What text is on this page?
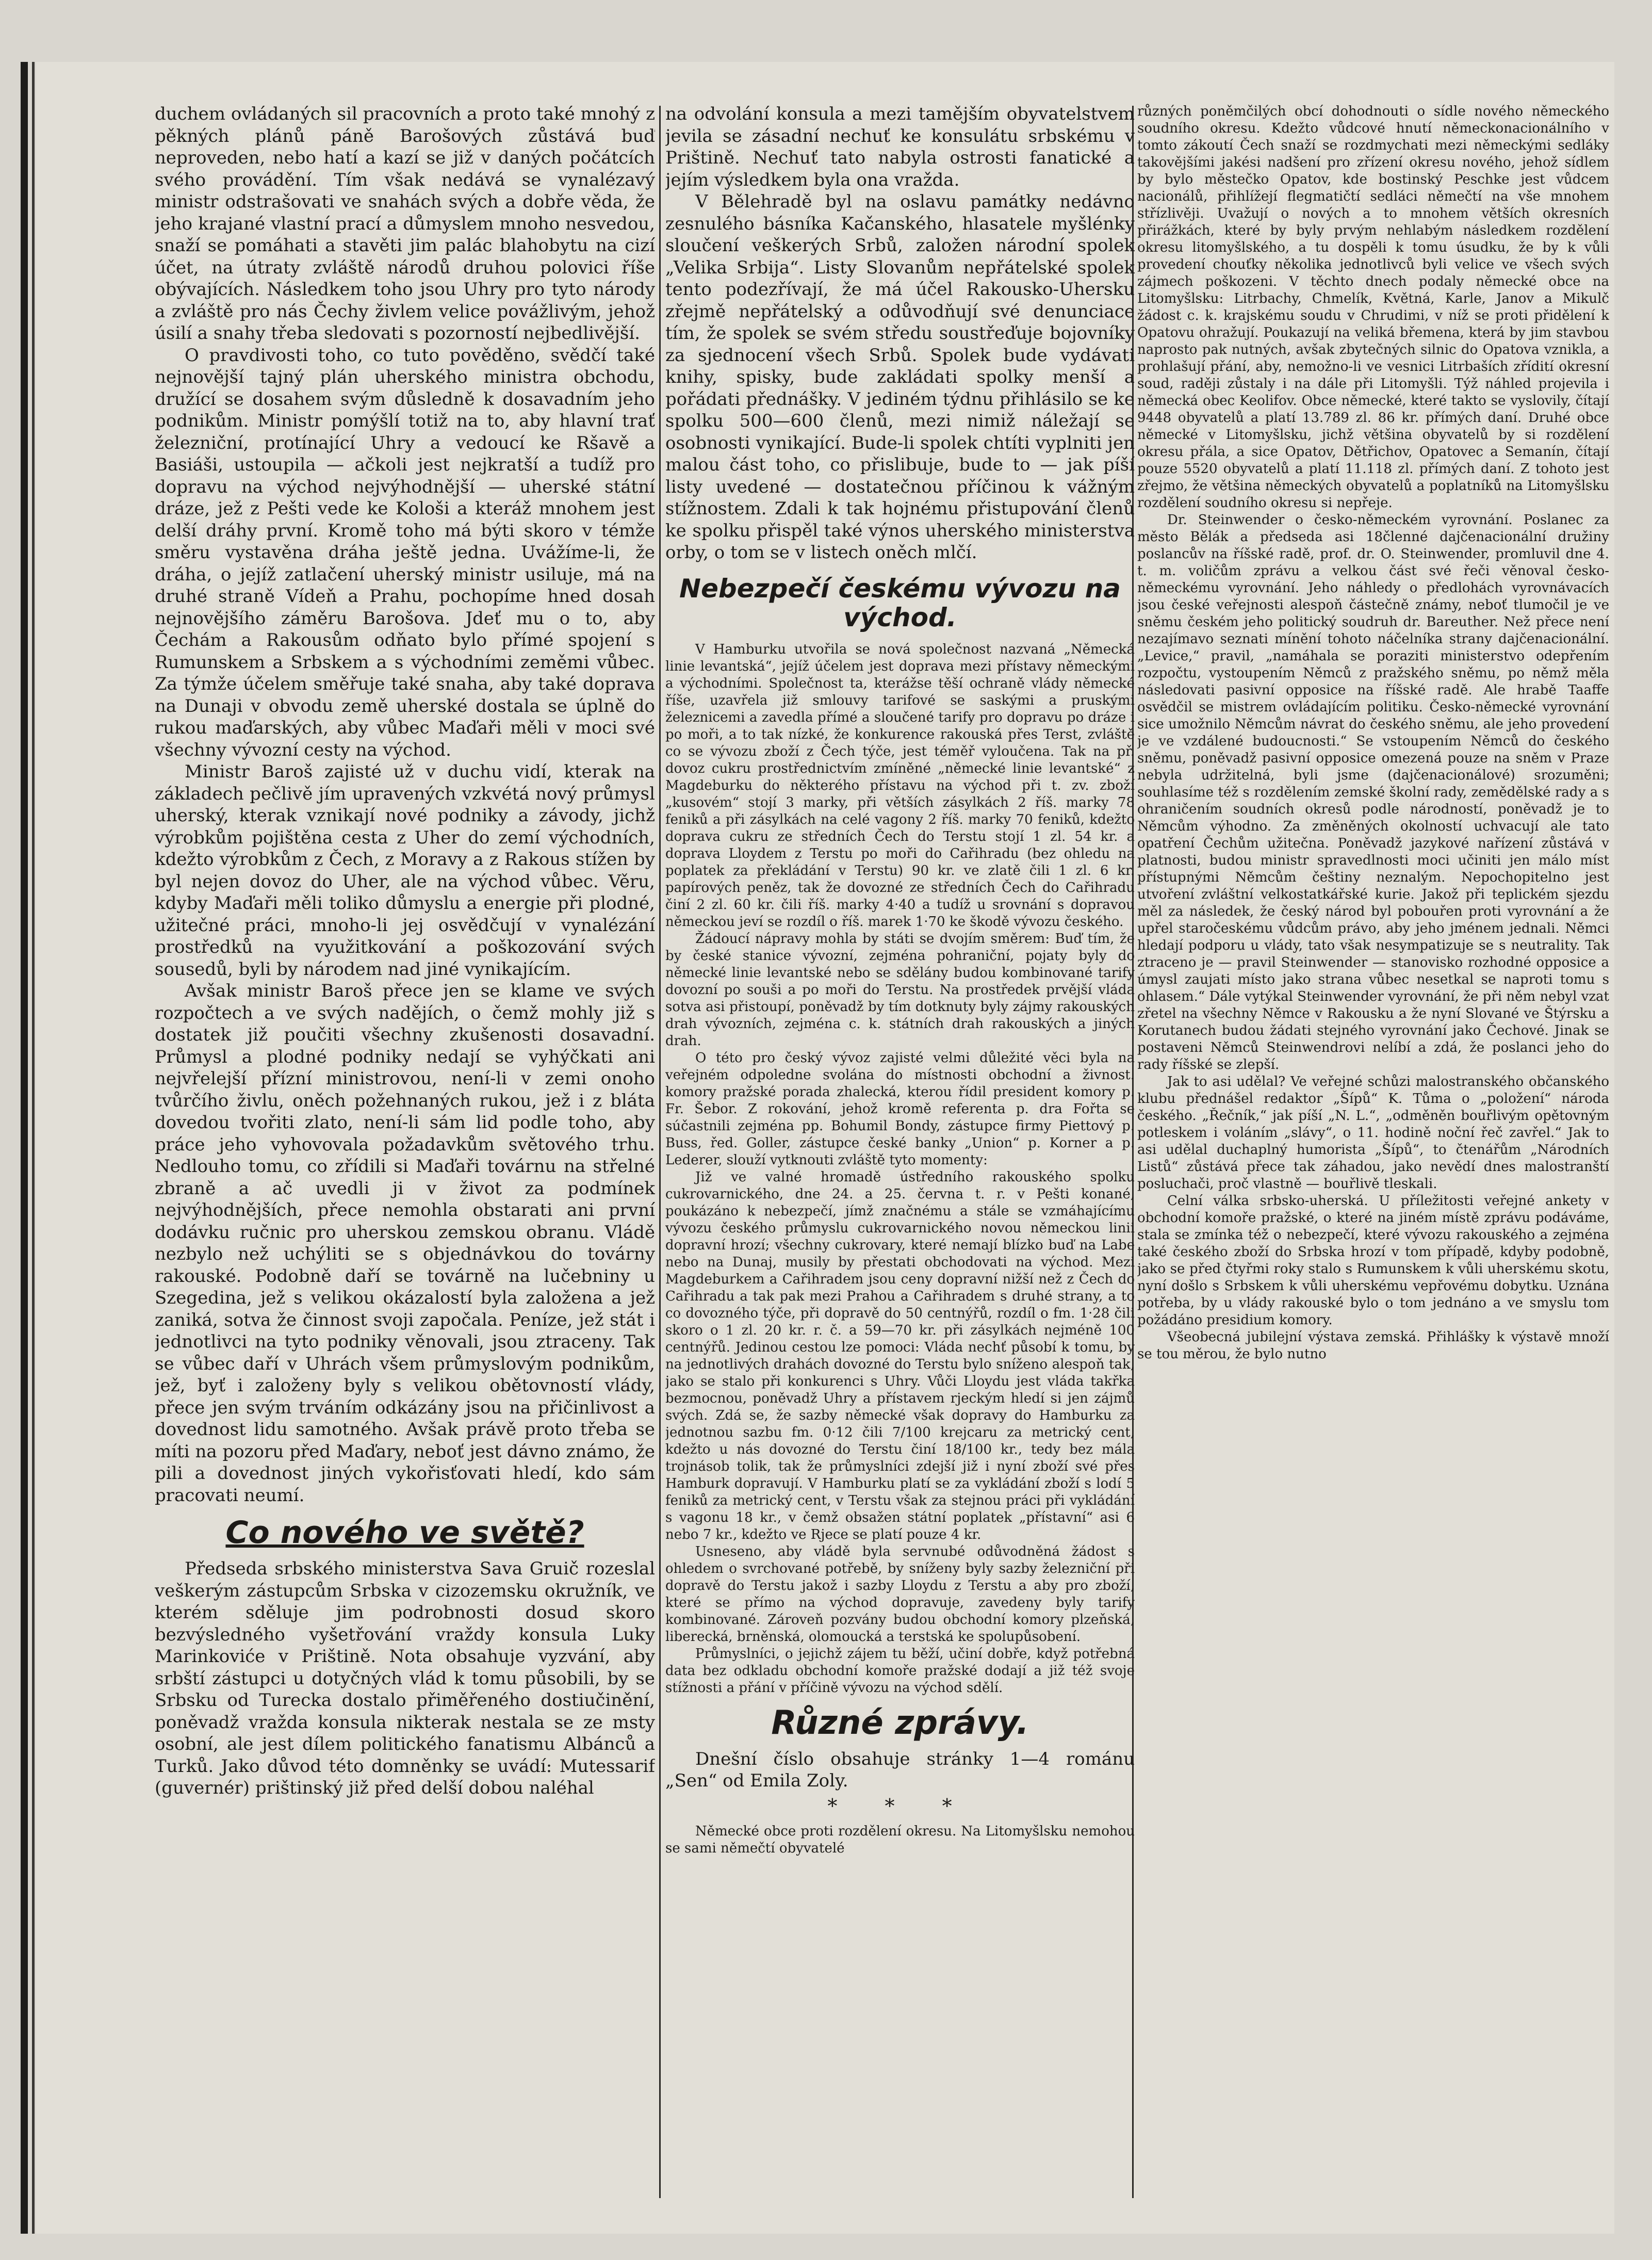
duchem ovládaných sil pracovních a proto také mnohý z pěkných plánů páně Barošových zůstává buď neproveden, nebo hatí a kazí se již v daných počátcích svého provádění. Tím však nedává se vynalézavý ministr odstrašovati ve snahách svých a dobře věda, že jeho krajané vlastní prací a důmyslem mnoho nesvedou, snaží se pomáhati a stavěti jim palác blahobytu na cizí účet, na útraty zvláště národů druhou polovici říše obývajících. Následkem toho jsou Uhry pro tyto národy a zvláště pro nás Čechy živlem velice povážlivým, jehož úsilí a snahy třeba sledovati s pozorností nejbedlivější.

O pravdivosti toho, co tuto pověděno, svědčí také nejnovější tajný plán uherského ministra obchodu, družící se dosahem svým důsledně k dosavadním jeho podnikům. Ministr pomýšlí totiž na to, aby hlavní trať železniční, protínající Uhry a vedoucí ke Ršavě a Basiáši, ustoupila — ačkoli jest nejkratší a tudíž pro dopravu na východ nejvýhodnější — uherské státní dráze, jež z Pešti vede ke Kološi a kteráž mnohem jest delší dráhy první. Kromě toho má býti skoro v témže směru vystavěna dráha ještě jedna. Uvážíme-li, že dráha, o jejíž zatlačení uherský ministr usiluje, má na druhé straně Vídeň a Prahu, pochopíme hned dosah nejnovějšího záměru Barošova. Jdeť mu o to, aby Čechám a Rakousům odňato bylo přímé spojení s Rumunskem a Srbskem a s východními zeměmi vůbec. Za týmže účelem směřuje také snaha, aby také doprava na Dunaji v obvodu země uherské dostala se úplně do rukou maďarských, aby vůbec Maďaři měli v moci své všechny vývozní cesty na východ.

Ministr Baroš zajisté už v duchu vidí, kterak na základech pečlivě jím upravených vzkvétá nový průmysl uherský, kterak vznikají nové podniky a závody, jichž výrobkům pojištěna cesta z Uher do zemí východních, kdežto výrobkům z Čech, z Moravy a z Rakous stížen by byl nejen dovoz do Uher, ale na východ vůbec. Věru, kdyby Maďaři měli toliko důmyslu a energie při plodné, užitečné práci, mnoho-li jej osvědčují v vynalézání prostředků na využitkování a poškozování svých sousedů, byli by národem nad jiné vynikajícím.

Avšak ministr Baroš přece jen se klame ve svých rozpočtech a ve svých nadějích, o čemž mohly již s dostatek již poučiti všechny zkušenosti dosavadní. Průmysl a plodné podniky nedají se vyhýčkati ani nejvřelejší přízní ministrovou, není-li v zemi onoho tvůrčího živlu, oněch požehnaných rukou, jež i z bláta dovedou tvořiti zlato, není-li sám lid podle toho, aby práce jeho vyhovovala požadavkům světového trhu. Nedlouho tomu, co zřídili si Maďaři továrnu na střelné zbraně a ač uvedli ji v život za podmínek nejvýhodnějších, přece nemohla obstarati ani první dodávku ručnic pro uherskou zemskou obranu. Vládě nezbylo než uchýliti se s objednávkou do továrny rakouské. Podobně daří se továrně na lučebniny u Szegedina, jež s velikou okázalostí byla založena a jež zaniká, sotva že činnost svoji započala. Peníze, jež stát i jednotlivci na tyto podniky věnovali, jsou ztraceny. Tak se vůbec daří v Uhrách všem průmyslovým podnikům, jež, byť i založeny byly s velikou obětovností vlády, přece jen svým trváním odkázány jsou na přičinlivost a dovednost lidu samotného. Avšak právě proto třeba se míti na pozoru před Maďary, neboť jest dávno známo, že pili a dovednost jiných vykořisťovati hledí, kdo sám pracovati neumí.

Co nového ve světě?

Předseda srbského ministerstva Sava Gruič rozeslal veškerým zástupcům Srbska v cizozemsku okružník, ve kterém sděluje jim podrobnosti dosud skoro bezvýsledného vyšetřování vraždy konsula Luky Marinkoviće v Prištině. Nota obsahuje vyzvání, aby srbští zástupci u dotyčných vlád k tomu působili, by se Srbsku od Turecka dostalo přiměřeného dostiučinění, poněvadž vražda konsula nikterak nestala se ze msty osobní, ale jest dílem politického fanatismu Albánců a Turků. Jako důvod této domněnky se uvádí: Mutessarif (guvernér) prištinský již před delší dobou naléhal

na odvolání konsula a mezi tamějším obyvatelstvem jevila se zásadní nechuť ke konsulátu srbskému v Prištině. Nechuť tato nabyla ostrosti fanatické a jejím výsledkem byla ona vražda.

V Bělehradě byl na oslavu památky nedávno zesnulého básníka Kačanského, hlasatele myšlénky sloučení veškerých Srbů, založen národní spolek „Velika Srbija“. Listy Slovanům nepřátelské spolek tento podezřívají, že má účel Rakousko-Uhersku zřejmě nepřátelský a odůvodňují své denunciace tím, že spolek se svém středu soustřeďuje bojovníky za sjednocení všech Srbů. Spolek bude vydávati knihy, spisky, bude zakládati spolky menší a pořádati přednášky. V jediném týdnu přihlásilo se ke spolku 500—600 členů, mezi nimiž náležají se osobnosti vynikající. Bude-li spolek chtíti vyplniti jen malou část toho, co přislibuje, bude to — jak píší listy uvedené — dostatečnou příčinou k vážným stížnostem. Zdali k tak hojnému přistupování členů ke spolku přispěl také výnos uherského ministerstva orby, o tom se v listech oněch mlčí.

Nebezpečí českému vývozu na východ.

V Hamburku utvořila se nová společnost nazvaná „Německá linie levantská“, jejíž účelem jest doprava mezi přístavy německými a východními. Společnost ta, kterážse těší ochraně vlády německé říše, uzavřela již smlouvy tarifové se saskými a pruskými železnicemi a zavedla přímé a sloučené tarify pro dopravu po dráze i po moři, a to tak nízké, že konkurence rakouská přes Terst, zvláště co se vývozu zboží z Čech týče, jest téměř vyloučena. Tak na př. dovoz cukru prostřednictvím zmíněné „německé linie levantské“ z Magdeburku do některého přístavu na východ při t. zv. zboží „kusovém“ stojí 3 marky, při větších zásylkách 2 říš. marky 78 feniků a při zásylkách na celé vagony 2 říš. marky 70 feniků, kdežto doprava cukru ze středních Čech do Terstu stojí 1 zl. 54 kr. a doprava Lloydem z Terstu po moři do Cařihradu (bez ohledu na poplatek za překládání v Terstu) 90 kr. ve zlatě čili 1 zl. 6 kr. papírových peněz, tak že dovozné ze středních Čech do Cařihradu činí 2 zl. 60 kr. čili říš. marky 4·40 a tudíž u srovnání s dopravou německou jeví se rozdíl o říš. marek 1·70 ke škodě vývozu českého.

Žádoucí nápravy mohla by státi se dvojím směrem: Buď tím, že by české stanice vývozní, zejména pohraniční, pojaty byly do německé linie levantské nebo se sdělány budou kombinované tarify dovozní po souši a po moři do Terstu. Na prostředek prvější vláda sotva asi přistoupí, poněvadž by tím dotknuty byly zájmy rakouských drah vývozních, zejména c. k. státních drah rakouských a jiných drah.

O této pro český vývoz zajisté velmi důležité věci byla na veřejném odpoledne svolána do místnosti obchodní a živnost. komory pražské porada zhalecká, kterou řídil president komory p. Fr. Šebor. Z rokování, jehož kromě referenta p. dra Fořta se súčastnili zejména pp. Bohumil Bondy, zástupce firmy Piettový p. Buss, řed. Goller, zástupce české banky „Union“ p. Korner a p. Lederer, slouží vytknouti zvláště tyto momenty:

Již ve valné hromadě ústředního rakouského spolku cukrovarnického, dne 24. a 25. června t. r. v Pešti konané, poukázáno k nebezpečí, jímž značnému a stále se vzmáhajícímu vývozu českého průmyslu cukrovarnického novou německou linii dopravní hrozí; všechny cukrovary, které nemají blízko buď na Labe nebo na Dunaj, musily by přestati obchodovati na východ. Mezi Magdeburkem a Cařihradem jsou ceny dopravní nižší než z Čech do Cařihradu a tak pak mezi Prahou a Cařihradem s druhé strany, a to co dovozného týče, při dopravě do 50 centnýřů, rozdíl o fm. 1·28 čili skoro o 1 zl. 20 kr. r. č. a 59—70 kr. při zásylkách nejméně 100 centnýřů. Jedinou cestou lze pomoci: Vláda nechť působí k tomu, by na jednotlivých drahách dovozné do Terstu bylo sníženo alespoň tak, jako se stalo při konkurenci s Uhry. Vůči Lloydu jest vláda takřka bezmocnou, poněvadž Uhry a přístavem rjeckým hledí si jen zájmů svých. Zdá se, že sazby německé však dopravy do Hamburku za jednotnou sazbu fm. 0·12 čili 7/100 krejcaru za metrický cent, kdežto u nás dovozné do Terstu činí 18/100 kr., tedy bez mála trojnásob tolik, tak že průmyslníci zdejší již i nyní zboží své přes Hamburk dopravují. V Hamburku platí se za vykládání zboží s lodí 5 feniků za metrický cent, v Terstu však za stejnou práci při vykládání s vagonu 18 kr., v čemž obsažen státní poplatek „přístavní“ asi 6 nebo 7 kr., kdežto ve Rjece se platí pouze 4 kr.

Usneseno, aby vládě byla servnubé odůvodněná žádost s ohledem o svrchované potřebě, by sníženy byly sazby železniční při dopravě do Terstu jakož i sazby Lloydu z Terstu a aby pro zboží, které se přímo na východ dopravuje, zavedeny byly tarify kombinované. Zároveň pozvány budou obchodní komory plzeňská, liberecká, brněnská, olomoucká a terstská ke spolupůsobení.

Průmyslníci, o jejichž zájem tu běží, učiní dobře, když potřebná data bez odkladu obchodní komoře pražské dodají a již též svoje stížnosti a přání v příčině vývozu na východ sdělí.

Různé zprávy.

Dnešní číslo obsahuje stránky 1—4 románu „Sen“ od Emila Zoly.

* * *

Německé obce proti rozdělení okresu. Na Litomyšlsku nemohou se sami němečtí obyvatelé

různých poněmčilých obcí dohodnouti o sídle nového německého soudního okresu. Kdežto vůdcové hnutí německonacionálního v tomto zákoutí Čech snaží se rozdmychati mezi německými sedláky takovějšími jakési nadšení pro zřízení okresu nového, jehož sídlem by bylo městečko Opatov, kde bostinský Peschke jest vůdcem nacionálů, přihlížejí flegmatičtí sedláci němečtí na vše mnohem střízlivěji. Uvažují o nových a to mnohem větších okresních přirážkách, které by byly prvým nehlabým následkem rozdělení okresu litomyšlského, a tu dospěli k tomu úsudku, že by k vůli provedení chouťky několika jednotlivců byli velice ve všech svých zájmech poškozeni. V těchto dnech podaly německé obce na Litomyšlsku: Litrbachy, Chmelík, Květná, Karle, Janov a Mikulč žádost c. k. krajskému soudu v Chrudimi, v níž se proti přidělení k Opatovu ohražují. Poukazují na veliká břemena, která by jim stavbou naprosto pak nutných, avšak zbytečných silnic do Opatova vznikla, a prohlašují přání, aby, nemožno-li ve vesnici Litrbaších zřídití okresní soud, raději zůstaly i na dále při Litomyšli. Týž náhled projevila i německá obec Keolifov. Obce německé, které takto se vyslovily, čítají 9448 obyvatelů a platí 13.789 zl. 86 kr. přímých daní. Druhé obce německé v Litomyšlsku, jichž většina obyvatelů by si rozdělení okresu přála, a sice Opatov, Dětřichov, Opatovec a Semanín, čítají pouze 5520 obyvatelů a platí 11.118 zl. přímých daní. Z tohoto jest zřejmo, že většina německých obyvatelů a poplatníků na Litomyšlsku rozdělení soudního okresu si nepřeje.

Dr. Steinwender o česko-německém vyrovnání. Poslanec za město Bělák a předseda asi 18členné dajčenacionální družiny poslancův na říšské radě, prof. dr. O. Steinwender, promluvil dne 4. t. m. voličům zprávu a velkou část své řeči věnoval česko-německému vyrovnání. Jeho náhledy o předlohách vyrovnávacích jsou české veřejnosti alespoň částečně známy, neboť tlumočil je ve sněmu českém jeho politický soudruh dr. Bareuther. Než přece není nezajímavo seznati mínění tohoto náčelníka strany dajčenacionální. „Levice,“ pravil, „namáhala se poraziti ministerstvo odepřením rozpočtu, vystoupením Němců z pražského sněmu, po němž měla následovati pasivní opposice na říšské radě. Ale hrabě Taaffe osvědčil se mistrem ovládajícím politiku. Česko-německé vyrovnání sice umožnilo Němcům návrat do českého sněmu, ale jeho provedení je ve vzdálené budoucnosti.“ Se vstoupením Němců do českého sněmu, poněvadž pasivní opposice omezená pouze na sněm v Praze nebyla udržitelná, byli jsme (dajčenacionálové) srozuměni; souhlasíme též s rozdělením zemské školní rady, zemědělské rady a s ohraničením soudních okresů podle národností, poněvadž je to Němcům výhodno. Za změněných okolností uchvacují ale tato opatření Čechům užitečna. Poněvadž jazykové nařízení zůstává v platnosti, budou ministr spravedlnosti moci učiniti jen málo míst přístupnými Němcům češtiny neznalým. Nepochopitelno jest utvoření zvláštní velkostatkářské kurie. Jakož při teplickém sjezdu měl za následek, že český národ byl pobouřen proti vyrovnání a že upřel staročeskému vůdcům právo, aby jeho jménem jednali. Němci hledají podporu u vlády, tato však nesympatizuje se s neutrality. Tak ztraceno je — pravil Steinwender — stanovisko rozhodné opposice a úmysl zaujati místo jako strana vůbec nesetkal se naproti tomu s ohlasem.“ Dále vytýkal Steinwender vyrovnání, že při něm nebyl vzat zřetel na všechny Němce v Rakousku a že nyní Slované ve Štýrsku a Korutanech budou žádati stejného vyrovnání jako Čechové. Jinak se postaveni Němců Steinwendrovi nelíbí a zdá, že poslanci jeho do rady říšské se zlepší.

Jak to asi udělal? Ve veřejné schůzi malostranského občanského klubu přednášel redaktor „Šípů“ K. Tůma o „položení“ národa českého. „Řečník,“ jak píší „N. L.“, „odměněn bouřlivým opětovným potleskem i voláním „slávy“, o 11. hodině noční řeč zavřel.“ Jak to asi udělal duchaplný humorista „Šípů“, to čtenářům „Národních Listů“ zůstává přece tak záhadou, jako nevědí dnes malostranští posluchači, proč vlastně — bouřlivě tleskali.

Celní válka srbsko-uherská. U příležitosti veřejné ankety v obchodní komoře pražské, o které na jiném místě zprávu podáváme, stala se zmínka též o nebezpečí, které vývozu rakouského a zejména také českého zboží do Srbska hrozí v tom případě, kdyby podobně, jako se před čtyřmi roky stalo s Rumunskem k vůli uherskému skotu, nyní došlo s Srbskem k vůli uherskému vepřovému dobytku. Uznána potřeba, by u vlády rakouské bylo o tom jednáno a ve smyslu tom požádáno presidium komory.

Všeobecná jubilejní výstava zemská. Přihlášky k výstavě množí se tou měrou, že bylo nutno
